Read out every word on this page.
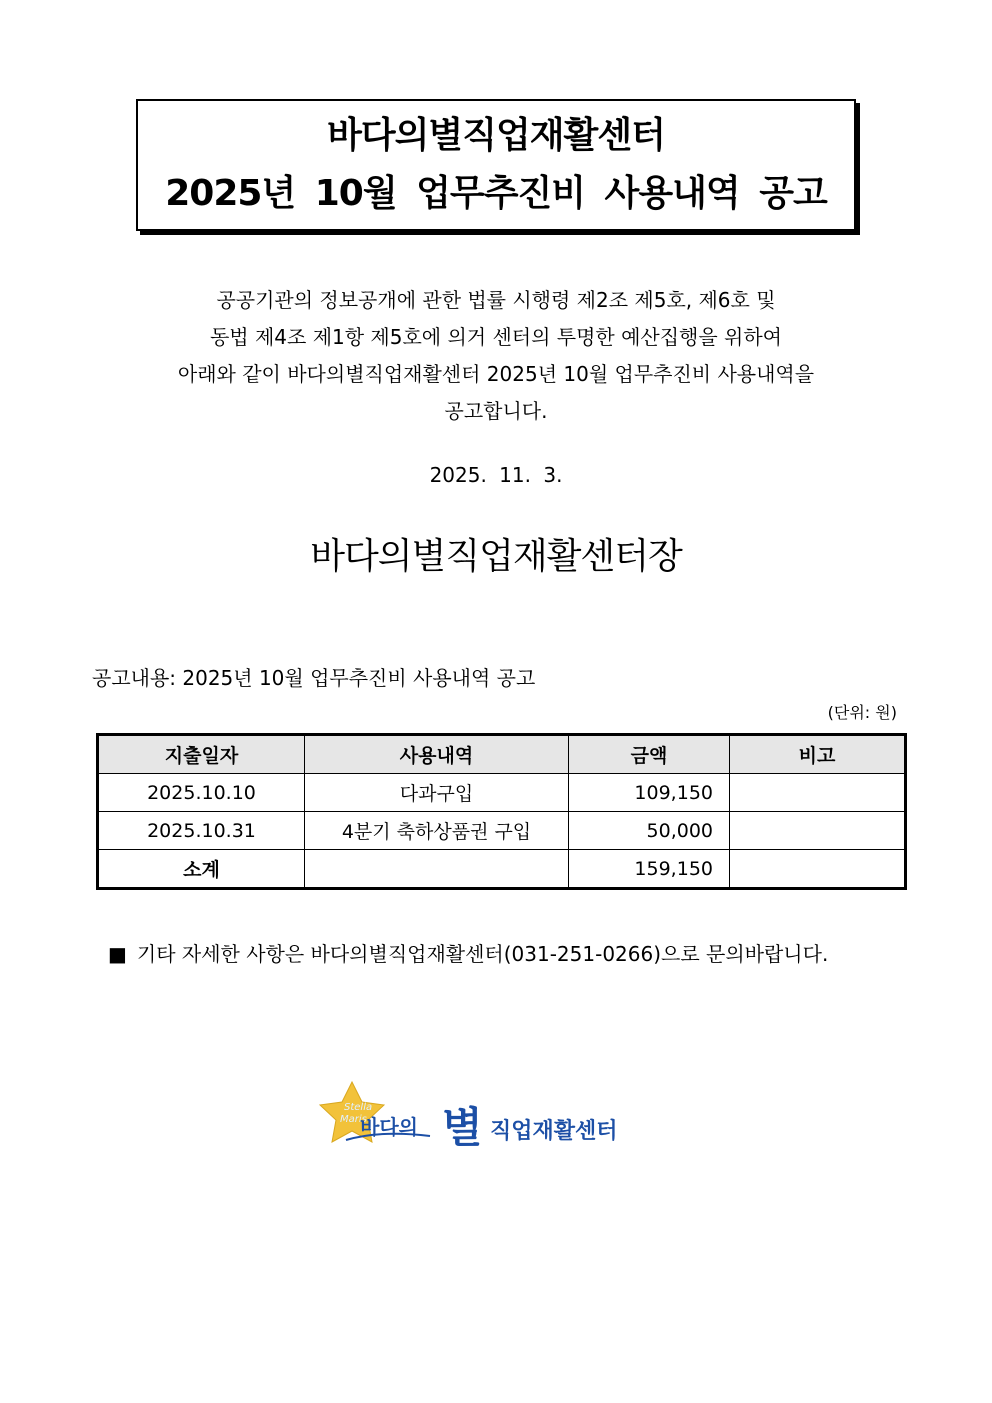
바다의별직업재활센터
2025년 10월 업무추진비 사용내역 공고
공공기관의 정보공개에 관한 법률 시행령 제2조 제5호, 제6호 및
동법 제4조 제1항 제5호에 의거 센터의 투명한 예산집행을 위하여
아래와 같이 바다의별직업재활센터 2025년 10월 업무추진비 사용내역을
공고합니다.
2025. 11. 3.
바다의별직업재활센터장
공고내용: 2025년 10월 업무추진비 사용내역 공고
(단위: 원)
지출일자	사용내역	금액	비고
2025.10.10	다과구입	109,150	
2025.10.31	4분기 축하상품권 구입	50,000	
소계		159,150	
■ 기타 자세한 사항은 바다의별직업재활센터(031-251-0266)으로 문의바랍니다.
Stella
Maris
바다의 별 직업재활센터
